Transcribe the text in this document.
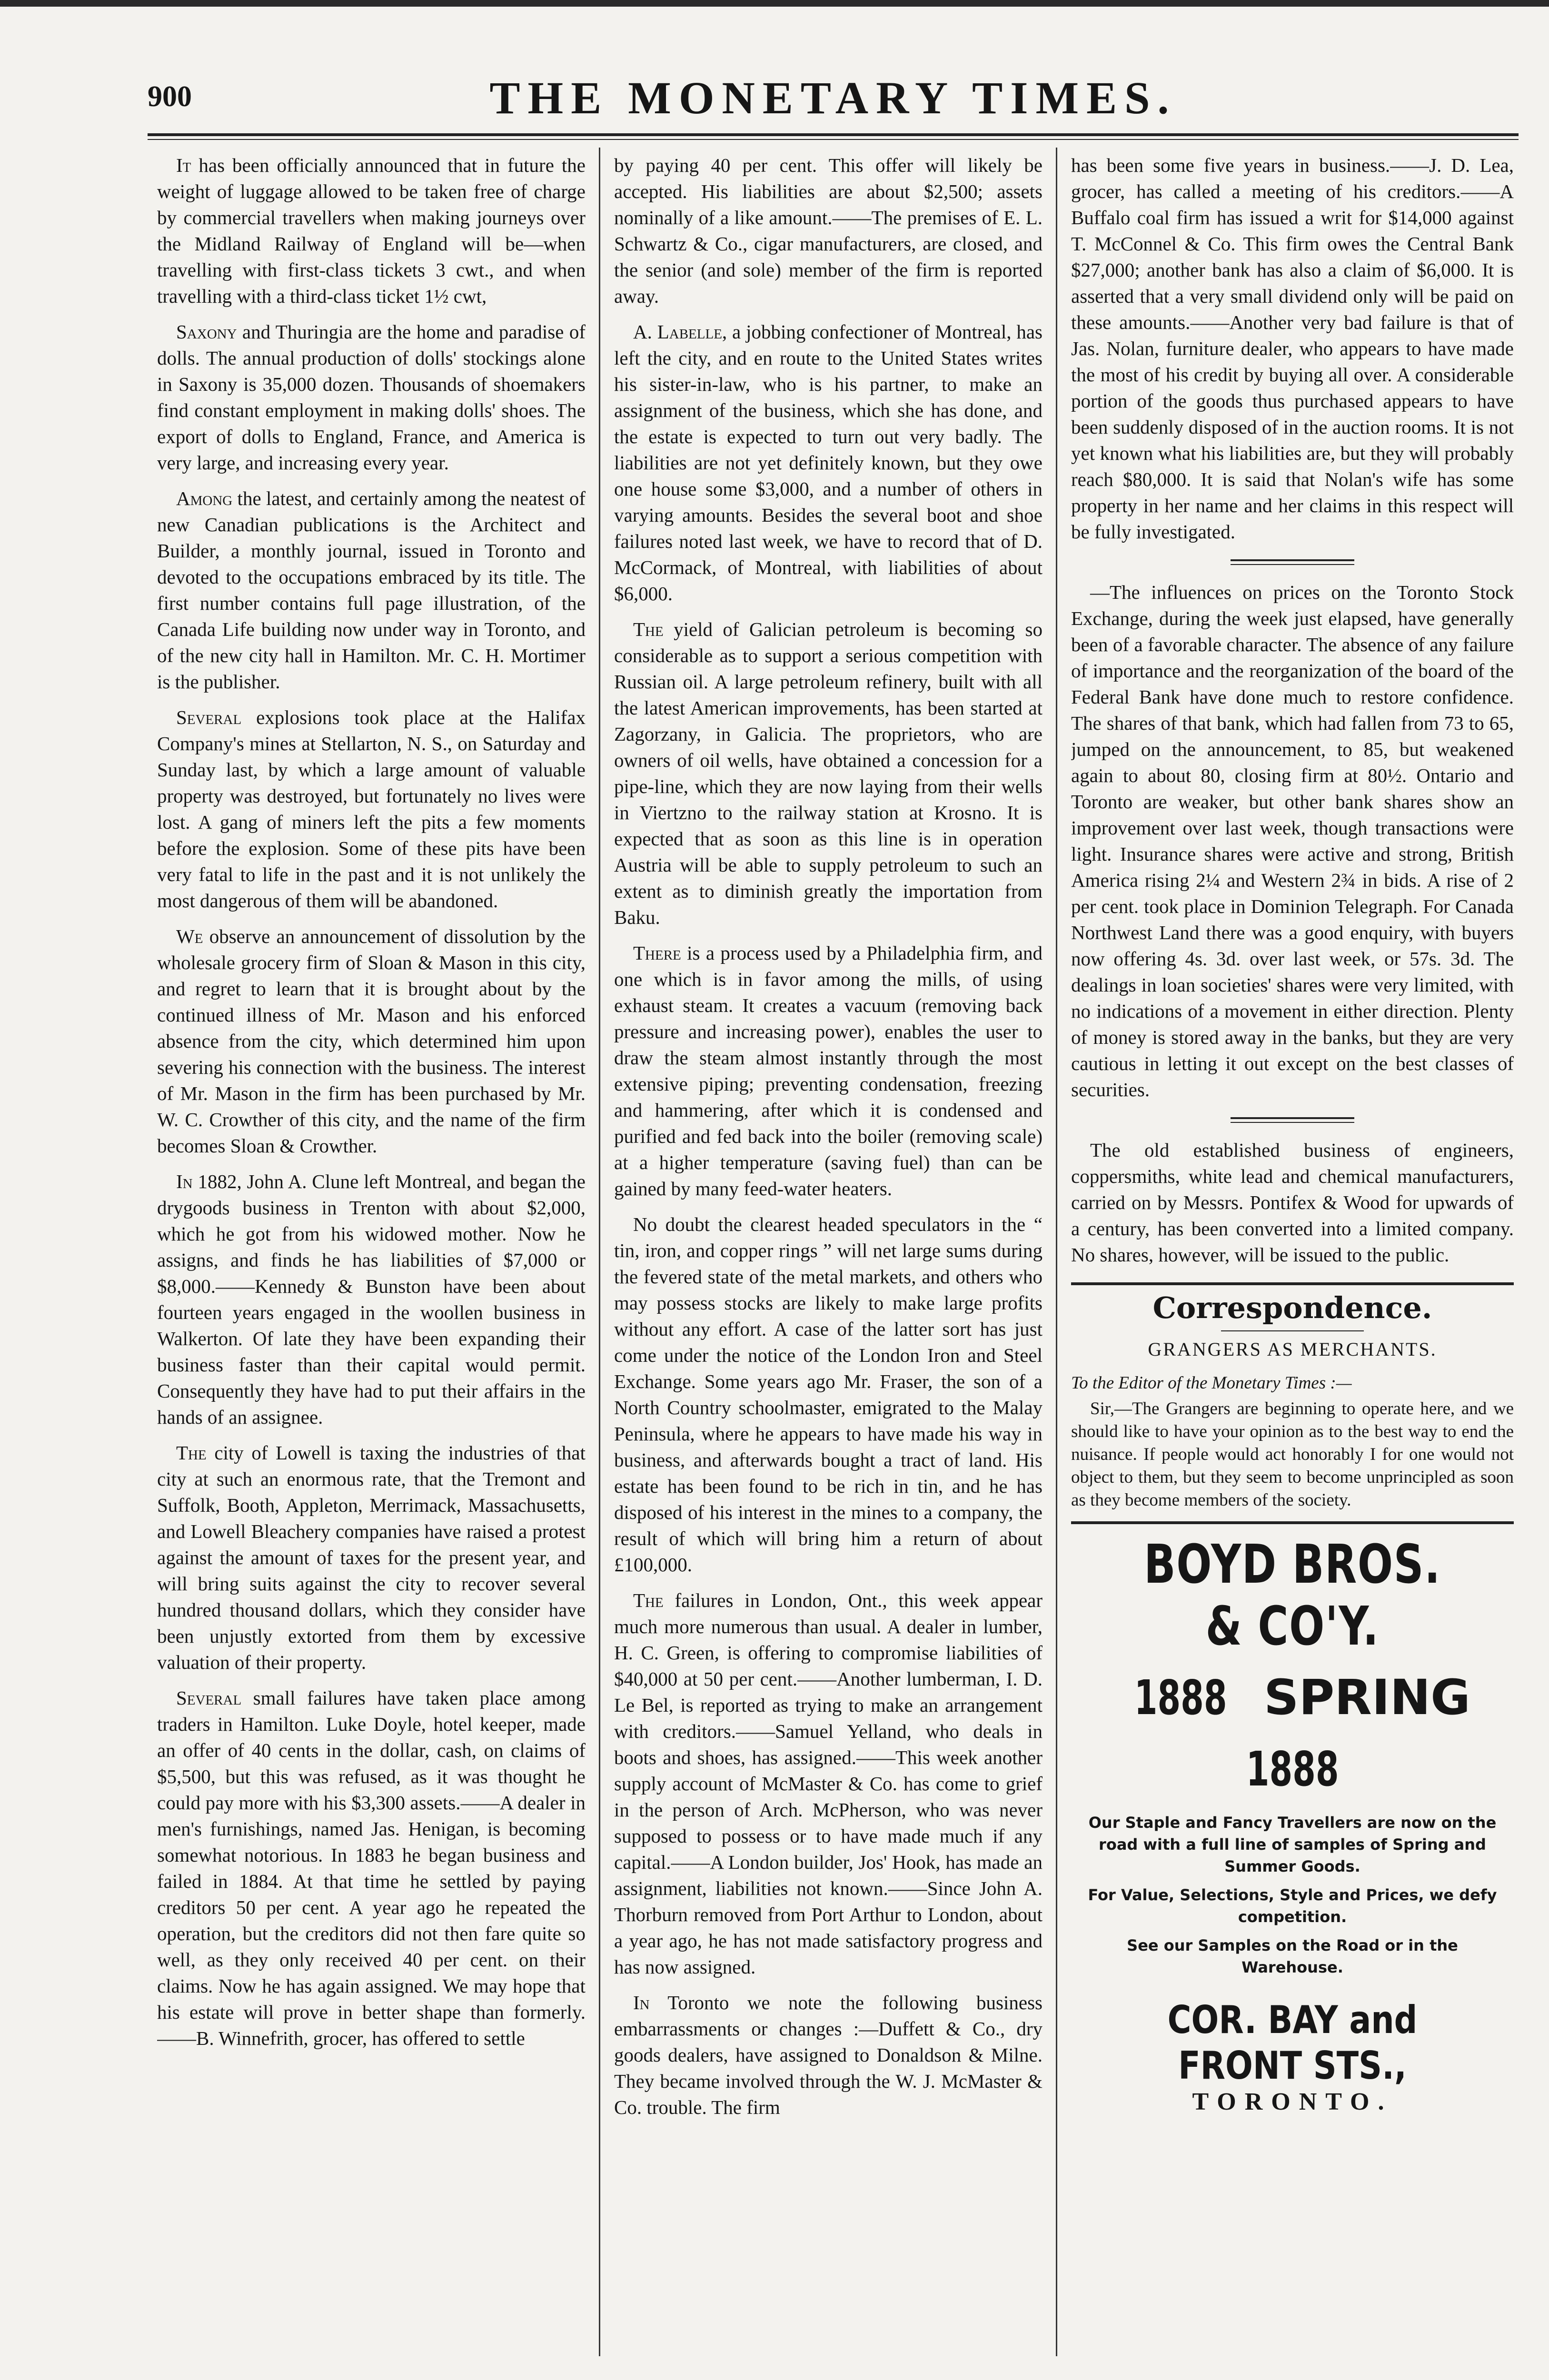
900	THE MONETARY TIMES.

It has been officially announced that in future the weight of luggage allowed to be taken free of charge by commercial travellers when making journeys over the Midland Railway of England will be—when travelling with first-class tickets 3 cwt., and when travelling with a third-class ticket 1½ cwt,

Saxony and Thuringia are the home and paradise of dolls. The annual production of dolls' stockings alone in Saxony is 35,000 dozen. Thousands of shoemakers find constant employment in making dolls' shoes. The export of dolls to England, France, and America is very large, and increasing every year.

Among the latest, and certainly among the neatest of new Canadian publications is the Architect and Builder, a monthly journal, issued in Toronto and devoted to the occupations embraced by its title. The first number contains full page illustration, of the Canada Life building now under way in Toronto, and of the new city hall in Hamilton. Mr. C. H. Mortimer is the publisher.

Several explosions took place at the Halifax Company's mines at Stellarton, N. S., on Saturday and Sunday last, by which a large amount of valuable property was destroyed, but fortunately no lives were lost. A gang of miners left the pits a few moments before the explosion. Some of these pits have been very fatal to life in the past and it is not unlikely the most dangerous of them will be abandoned.

We observe an announcement of dissolution by the wholesale grocery firm of Sloan & Mason in this city, and regret to learn that it is brought about by the continued illness of Mr. Mason and his enforced absence from the city, which determined him upon severing his connection with the business. The interest of Mr. Mason in the firm has been purchased by Mr. W. C. Crowther of this city, and the name of the firm becomes Sloan & Crowther.

In 1882, John A. Clune left Montreal, and began the drygoods business in Trenton with about $2,000, which he got from his widowed mother. Now he assigns, and finds he has liabilities of $7,000 or $8,000.——Kennedy & Bunston have been about fourteen years engaged in the woollen business in Walkerton. Of late they have been expanding their business faster than their capital would permit. Consequently they have had to put their affairs in the hands of an assignee.

The city of Lowell is taxing the industries of that city at such an enormous rate, that the Tremont and Suffolk, Booth, Appleton, Merrimack, Massachusetts, and Lowell Bleachery companies have raised a protest against the amount of taxes for the present year, and will bring suits against the city to recover several hundred thousand dollars, which they consider have been unjustly extorted from them by excessive valuation of their property.

Several small failures have taken place among traders in Hamilton. Luke Doyle, hotel keeper, made an offer of 40 cents in the dollar, cash, on claims of $5,500, but this was refused, as it was thought he could pay more with his $3,300 assets.——A dealer in men's furnishings, named Jas. Henigan, is becoming somewhat notorious. In 1883 he began business and failed in 1884. At that time he settled by paying creditors 50 per cent. A year ago he repeated the operation, but the creditors did not then fare quite so well, as they only received 40 per cent. on their claims. Now he has again assigned. We may hope that his estate will prove in better shape than formerly. ——B. Winnefrith, grocer, has offered to settle

by paying 40 per cent. This offer will likely be accepted. His liabilities are about $2,500; assets nominally of a like amount.——The premises of E. L. Schwartz & Co., cigar manufacturers, are closed, and the senior (and sole) member of the firm is reported away.

A. Labelle, a jobbing confectioner of Montreal, has left the city, and en route to the United States writes his sister-in-law, who is his partner, to make an assignment of the business, which she has done, and the estate is expected to turn out very badly. The liabilities are not yet definitely known, but they owe one house some $3,000, and a number of others in varying amounts. Besides the several boot and shoe failures noted last week, we have to record that of D. McCormack, of Montreal, with liabilities of about $6,000.

The yield of Galician petroleum is becoming so considerable as to support a serious competition with Russian oil. A large petroleum refinery, built with all the latest American improvements, has been started at Zagorzany, in Galicia. The proprietors, who are owners of oil wells, have obtained a concession for a pipe-line, which they are now laying from their wells in Viertzno to the railway station at Krosno. It is expected that as soon as this line is in operation Austria will be able to supply petroleum to such an extent as to diminish greatly the importation from Baku.

There is a process used by a Philadelphia firm, and one which is in favor among the mills, of using exhaust steam. It creates a vacuum (removing back pressure and increasing power), enables the user to draw the steam almost instantly through the most extensive piping; preventing condensation, freezing and hammering, after which it is condensed and purified and fed back into the boiler (removing scale) at a higher temperature (saving fuel) than can be gained by many feed-water heaters.

No doubt the clearest headed speculators in the “ tin, iron, and copper rings ” will net large sums during the fevered state of the metal markets, and others who may possess stocks are likely to make large profits without any effort. A case of the latter sort has just come under the notice of the London Iron and Steel Exchange. Some years ago Mr. Fraser, the son of a North Country schoolmaster, emigrated to the Malay Peninsula, where he appears to have made his way in business, and afterwards bought a tract of land. His estate has been found to be rich in tin, and he has disposed of his interest in the mines to a company, the result of which will bring him a return of about £100,000.

The failures in London, Ont., this week appear much more numerous than usual. A dealer in lumber, H. C. Green, is offering to compromise liabilities of $40,000 at 50 per cent.——Another lumberman, I. D. Le Bel, is reported as trying to make an arrangement with creditors.——Samuel Yelland, who deals in boots and shoes, has assigned.——This week another supply account of McMaster & Co. has come to grief in the person of Arch. McPherson, who was never supposed to possess or to have made much if any capital.——A London builder, Jos' Hook, has made an assignment, liabilities not known.——Since John A. Thorburn removed from Port Arthur to London, about a year ago, he has not made satisfactory progress and has now assigned.

In Toronto we note the following business embarrassments or changes :—Duffett & Co., dry goods dealers, have assigned to Donaldson & Milne. They became involved through the W. J. McMaster & Co. trouble. The firm

has been some five years in business.——J. D. Lea, grocer, has called a meeting of his creditors.——A Buffalo coal firm has issued a writ for $14,000 against T. McConnel & Co. This firm owes the Central Bank $27,000; another bank has also a claim of $6,000. It is asserted that a very small dividend only will be paid on these amounts.——Another very bad failure is that of Jas. Nolan, furniture dealer, who appears to have made the most of his credit by buying all over. A considerable portion of the goods thus purchased appears to have been suddenly disposed of in the auction rooms. It is not yet known what his liabilities are, but they will probably reach $80,000. It is said that Nolan's wife has some property in her name and her claims in this respect will be fully investigated.

—The influences on prices on the Toronto Stock Exchange, during the week just elapsed, have generally been of a favorable character. The absence of any failure of importance and the reorganization of the board of the Federal Bank have done much to restore confidence. The shares of that bank, which had fallen from 73 to 65, jumped on the announcement, to 85, but weakened again to about 80, closing firm at 80½. Ontario and Toronto are weaker, but other bank shares show an improvement over last week, though transactions were light. Insurance shares were active and strong, British America rising 2¼ and Western 2¾ in bids. A rise of 2 per cent. took place in Dominion Telegraph. For Canada Northwest Land there was a good enquiry, with buyers now offering 4s. 3d. over last week, or 57s. 3d. The dealings in loan societies' shares were very limited, with no indications of a movement in either direction. Plenty of money is stored away in the banks, but they are very cautious in letting it out except on the best classes of securities.

The old established business of engineers, coppersmiths, white lead and chemical manufacturers, carried on by Messrs. Pontifex & Wood for upwards of a century, has been converted into a limited company. No shares, however, will be issued to the public.

Correspondence.
GRANGERS AS MERCHANTS.

To the Editor of the Monetary Times :—

Sir,—The Grangers are beginning to operate here, and we should like to have your opinion as to the best way to end the nuisance. If people would act honorably I for one would not object to them, but they seem to become unprincipled as soon as they become members of the society.

BOYD BROS. & CO'Y.
1888 SPRING 1888
Our Staple and Fancy Travellers are now on the road with a full line of samples of Spring and Summer Goods.
For Value, Selections, Style and Prices, we defy competition.
See our Samples on the Road or in the Warehouse.
COR. BAY and FRONT STS.,
TORONTO.
